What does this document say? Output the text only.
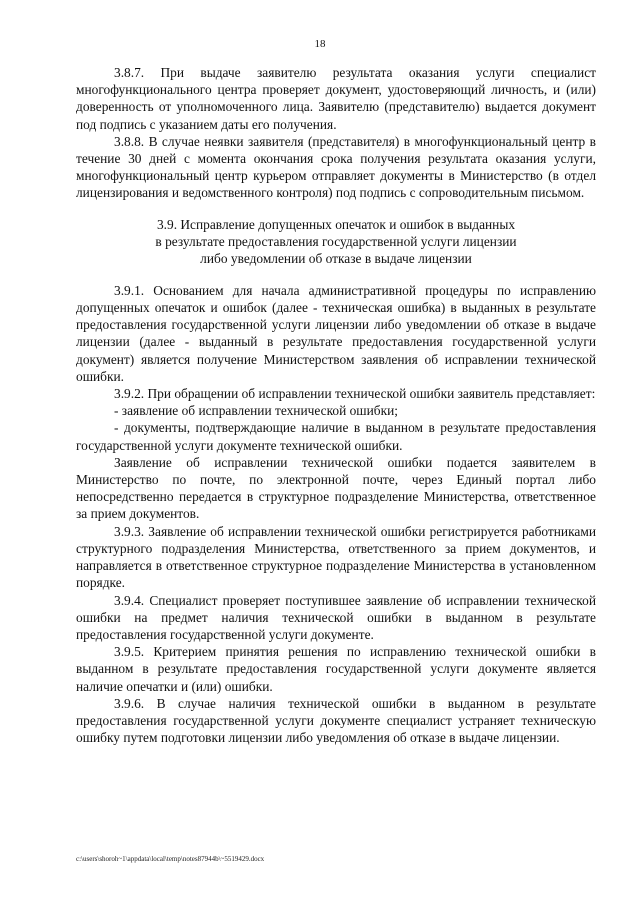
18

3.8.7. При выдаче заявителю результата оказания услуги специалист многофункционального центра проверяет документ, удостоверяющий личность, и (или) доверенность от уполномоченного лица. Заявителю (представителю) выдается документ под подпись с указанием даты его получения.

3.8.8. В случае неявки заявителя (представителя) в многофункциональный центр в течение 30 дней с момента окончания срока получения результата оказания услуги, многофункциональный центр курьером отправляет документы в Министерство (в отдел лицензирования и ведомственного контроля) под подпись с сопроводительным письмом.

3.9. Исправление допущенных опечаток и ошибок в выданных
в результате предоставления государственной услуги лицензии
либо уведомлении об отказе в выдаче лицензии

3.9.1. Основанием для начала административной процедуры по исправлению допущенных опечаток и ошибок (далее - техническая ошибка) в выданных в результате предоставления государственной услуги лицензии либо уведомлении об отказе в выдаче лицензии (далее - выданный в результате предоставления государственной услуги документ) является получение Министерством заявления об исправлении технической ошибки.

3.9.2. При обращении об исправлении технической ошибки заявитель представляет:

- заявление об исправлении технической ошибки;

- документы, подтверждающие наличие в выданном в результате предоставления государственной услуги документе технической ошибки.

Заявление об исправлении технической ошибки подается заявителем в Министерство по почте, по электронной почте, через Единый портал либо непосредственно передается в структурное подразделение Министерства, ответственное за прием документов.

3.9.3. Заявление об исправлении технической ошибки регистрируется работниками структурного подразделения Министерства, ответственного за прием документов, и направляется в ответственное структурное подразделение Министерства в установленном порядке.

3.9.4. Специалист проверяет поступившее заявление об исправлении технической ошибки на предмет наличия технической ошибки в выданном в результате предоставления государственной услуги документе.

3.9.5. Критерием принятия решения по исправлению технической ошибки в выданном в результате предоставления государственной услуги документе является наличие опечатки и (или) ошибки.

3.9.6. В случае наличия технической ошибки в выданном в результате предоставления государственной услуги документе специалист устраняет техническую ошибку путем подготовки лицензии либо уведомления об отказе в выдаче лицензии.

c:\users\shoroh~1\appdata\local\temp\notes87944b\~5519429.docx
